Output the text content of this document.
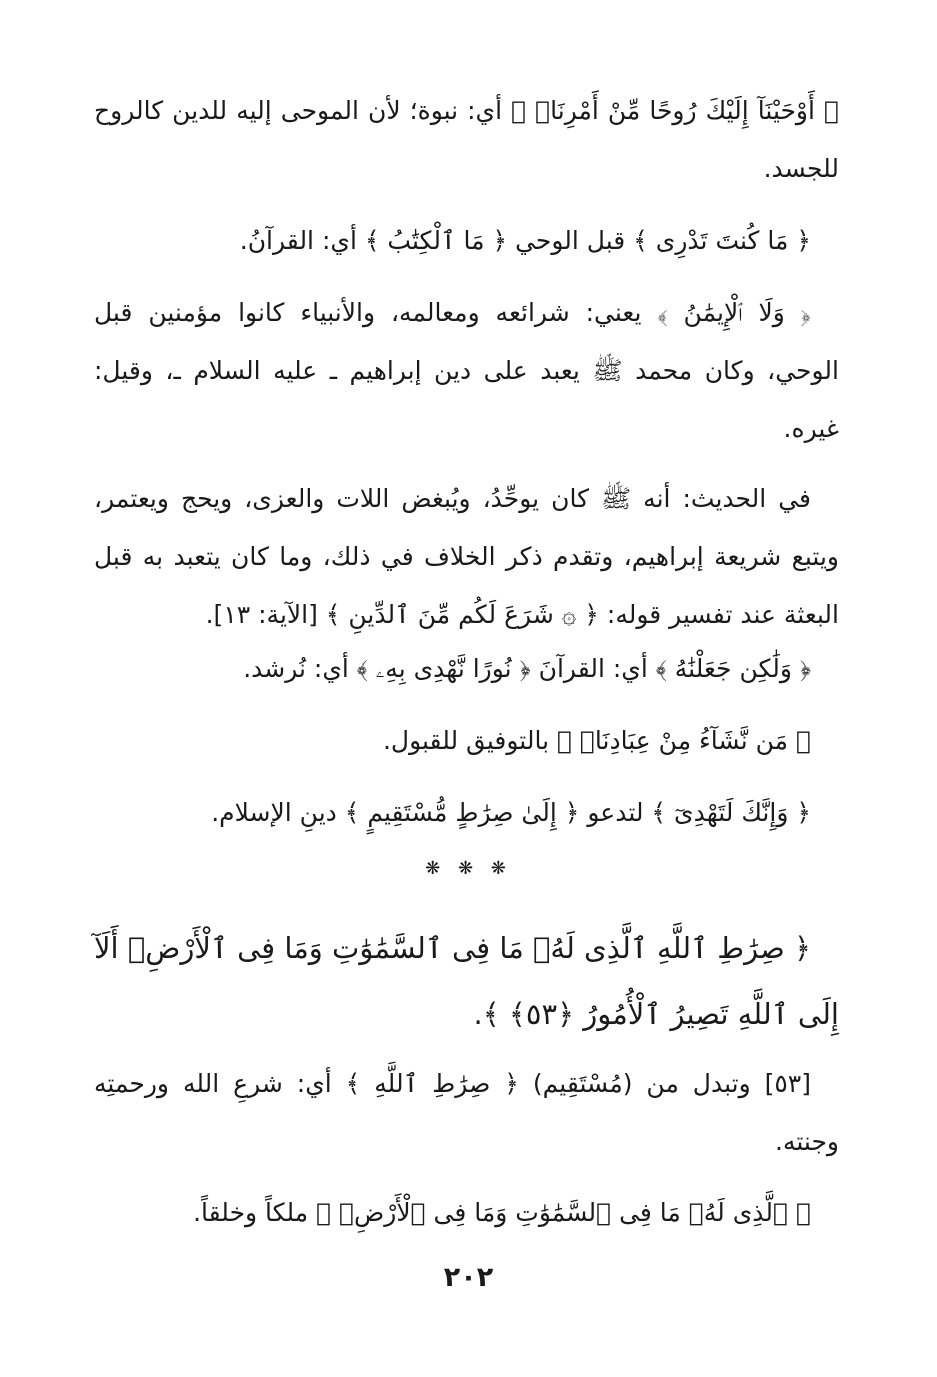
﴿ أَوْحَيْنَآ إِلَيْكَ رُوحًا مِّنْ أَمْرِنَاۚ ﴾ أي: نبوة؛ لأن الموحى إليه للدين كالروح للجسد.

﴿ مَا كُنتَ تَدْرِى ﴾ قبل الوحي ﴿ مَا ٱلْكِتَٰبُ ﴾ أي: القرآنُ.

﴿ وَلَا ٱلْإِيمَٰنُ ﴾ يعني: شرائعه ومعالمه، والأنبياء كانوا مؤمنين قبل الوحي، وكان محمد ﷺ يعبد على دين إبراهيم ـ عليه السلام ـ، وقيل: غيره.

في الحديث: أنه ﷺ كان يوحِّدُ، ويُبغض اللات والعزى، ويحج ويعتمر، ويتبع شريعة إبراهيم، وتقدم ذكر الخلاف في ذلك، وما كان يتعبد به قبل البعثة عند تفسير قوله: ﴿ ۞ شَرَعَ لَكُم مِّنَ ٱلدِّينِ ﴾ [الآية: ١٣].

﴿ وَلَٰكِن جَعَلْنَٰهُ ﴾ أي: القرآنَ ﴿ نُورًا نَّهْدِى بِهِۦ ﴾ أي: نُرشد.

﴿ مَن نَّشَآءُ مِنْ عِبَادِنَاۚ ﴾ بالتوفيق للقبول.

﴿ وَإِنَّكَ لَتَهْدِىٓ ﴾ لتدعو ﴿ إِلَىٰ صِرَٰطٍ مُّسْتَقِيمٍ ﴾ دينِ الإسلام.

❋ ❋ ❋

﴿ صِرَٰطِ ٱللَّهِ ٱلَّذِى لَهُۥ مَا فِى ٱلسَّمَٰوَٰتِ وَمَا فِى ٱلْأَرْضِۗ أَلَآ إِلَى ٱللَّهِ تَصِيرُ ٱلْأُمُورُ ﴿٥٣﴾ ﴾.

[٥٣] وتبدل من (مُسْتَقِيم) ﴿ صِرَٰطِ ٱللَّهِ ﴾ أي: شرعِ الله ورحمتِه وجنته.

﴿ ٱلَّذِى لَهُۥ مَا فِى ٱلسَّمَٰوَٰتِ وَمَا فِى ٱلْأَرْضِۗ ﴾ ملكاً وخلقاً.

٢٠٢
